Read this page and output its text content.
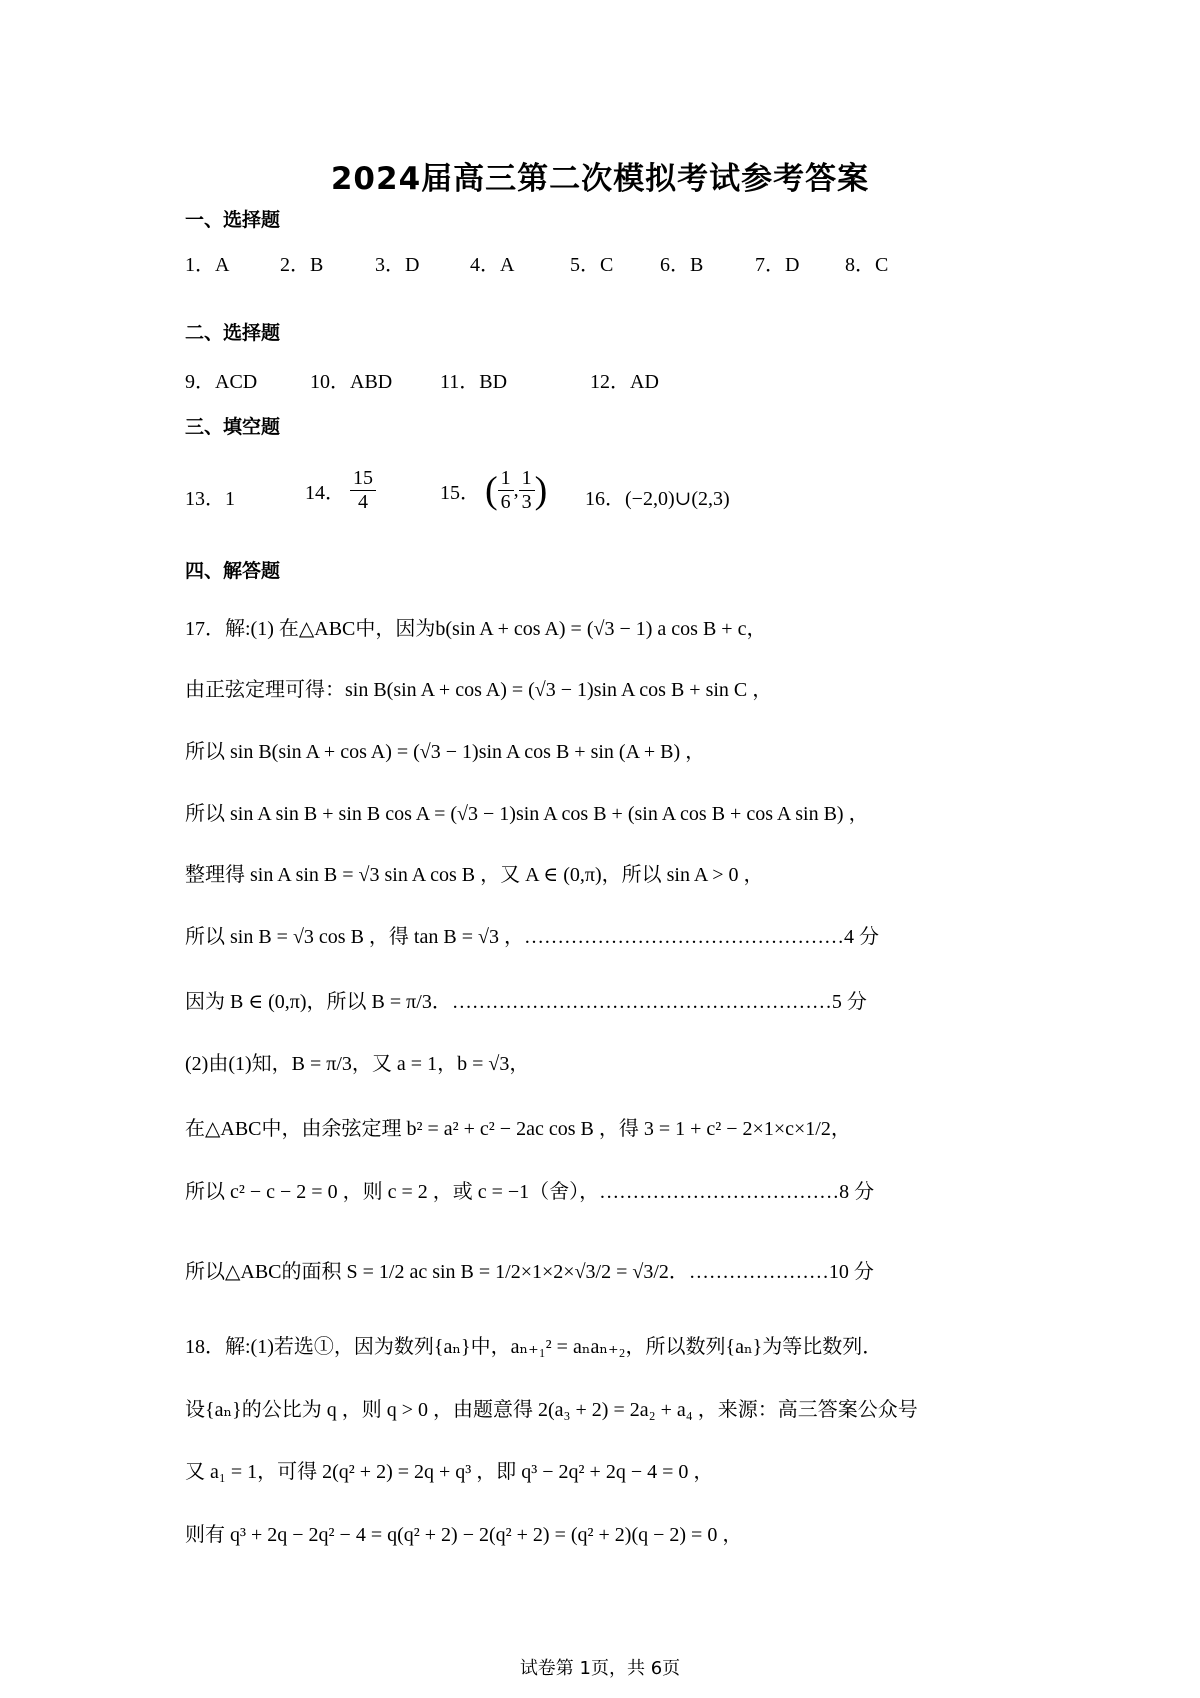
2024届高三第二次模拟考试参考答案
一、选择题
1．A	2．B	3．D	4．A	5．C 6．B	7．D 8．C
二、选择题
9．ACD	10．ABD 11．BD	12．AD
三、填空题
13．1	14． $\frac{15}{4}$	15． ( $\frac{1}{6}$ , $\frac{1}{3}$ ) 16．(−2,0)∪(2,3)
四、解答题
17．解:(1) 在△ABC中，因为b(sin A + cos A) = (√3 − 1) a cos B + c，
由正弦定理可得：sin B(sin A + cos A) = (√3 − 1)sin A cos B + sin C ，
所以 sin B(sin A + cos A) = (√3 − 1)sin A cos B + sin (A + B) ，
所以 sin A sin B + sin B cos A = (√3 − 1)sin A cos B + (sin A cos B + cos A sin B) ，
整理得 sin A sin B = √3 sin A cos B ，又 A ∈ (0,π)，所以 sin A > 0 ，
所以 sin B = √3 cos B ，得 tan B = √3 ，…………………………………………4 分
因为 B ∈ (0,π)，所以 B = π/3．…………………………………………………5 分
(2)由(1)知，B = π/3，又 a = 1，b = √3，
在△ABC中，由余弦定理 b² = a² + c² − 2ac cos B ，得 3 = 1 + c² − 2×1×c×1/2，
所以 c² − c − 2 = 0 ，则 c = 2 ，或 c = −1（舍），………………………………8 分
所以△ABC的面积 S = 1/2 ac sin B = 1/2×1×2×√3/2 = √3/2．…………………10 分
18．解:(1)若选①，因为数列{aₙ}中，aₙ₊₁² = aₙaₙ₊₂，所以数列{aₙ}为等比数列．
设{aₙ}的公比为 q ，则 q > 0 ，由题意得 2(a₃ + 2) = 2a₂ + a₄ ，来源：高三答案公众号
又 a₁ = 1，可得 2(q² + 2) = 2q + q³ ，即 q³ − 2q² + 2q − 4 = 0 ，
则有 q³ + 2q − 2q² − 4 = q(q² + 2) − 2(q² + 2) = (q² + 2)(q − 2) = 0 ，
试卷第 1页，共 6页
